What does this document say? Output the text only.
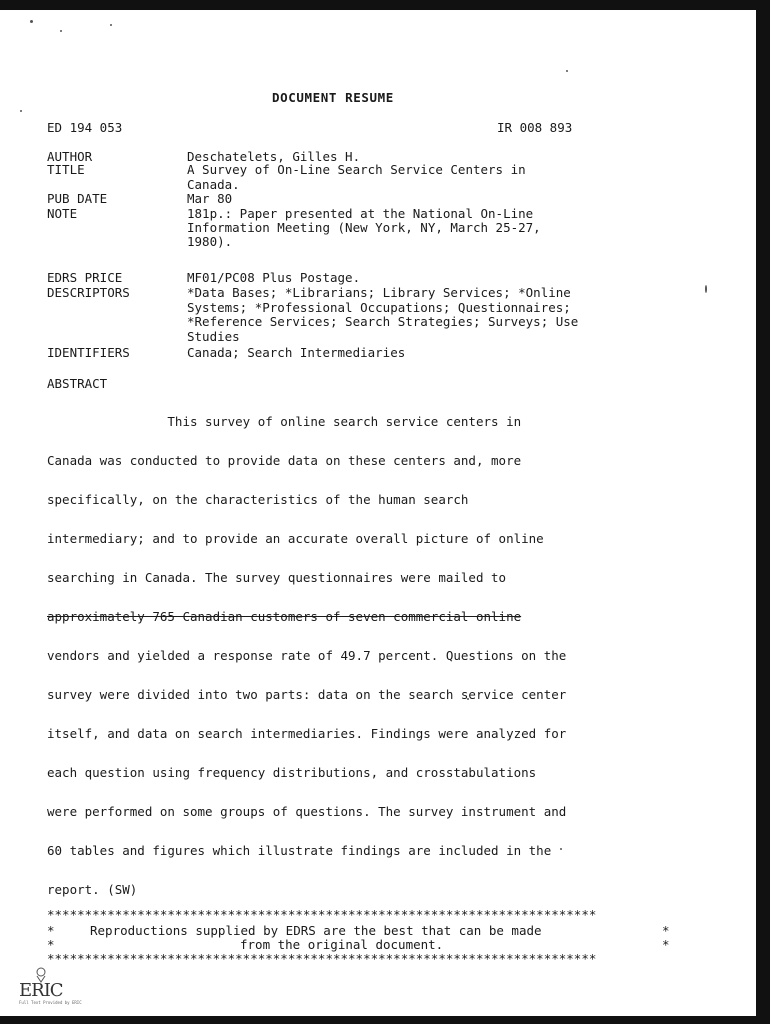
DOCUMENT RESUME
ED 194 053	IR 008 893
AUTHOR	Deschatelets, Gilles H.
TITLE	A Survey of On-Line Search Service Centers in
Canada.
PUB DATE	Mar 80
NOTE	181p.: Paper presented at the National On-Line
Information Meeting (New York, NY, March 25-27,
1980).
EDRS PRICE	MF01/PC08 Plus Postage.
DESCRIPTORS	*Data Bases; *Librarians; Library Services; *Online
Systems; *Professional Occupations; Questionnaires;
*Reference Services; Search Strategies; Surveys; Use
Studies
IDENTIFIERS	Canada; Search Intermediaries
ABSTRACT

This survey of online search service centers in

Canada was conducted to provide data on these centers and, more

specifically, on the characteristics of the human search

intermediary; and to provide an accurate overall picture of online

searching in Canada. The survey questionnaires were mailed to

approximately 765 Canadian customers of seven commercial online

vendors and yielded a response rate of 49.7 percent. Questions on the

survey were divided into two parts: data on the search service center

itself, and data on search intermediaries. Findings were analyzed for

each question using frequency distributions, and crosstabulations

were performed on some groups of questions. The survey instrument and

60 tables and figures which illustrate findings are included in the

report. (SW)

*************************************************************************
*	Reproductions supplied by EDRS are the best that can be made	*
*	from the original document.	*
*************************************************************************
ERIC
Full Text Provided by ERIC
